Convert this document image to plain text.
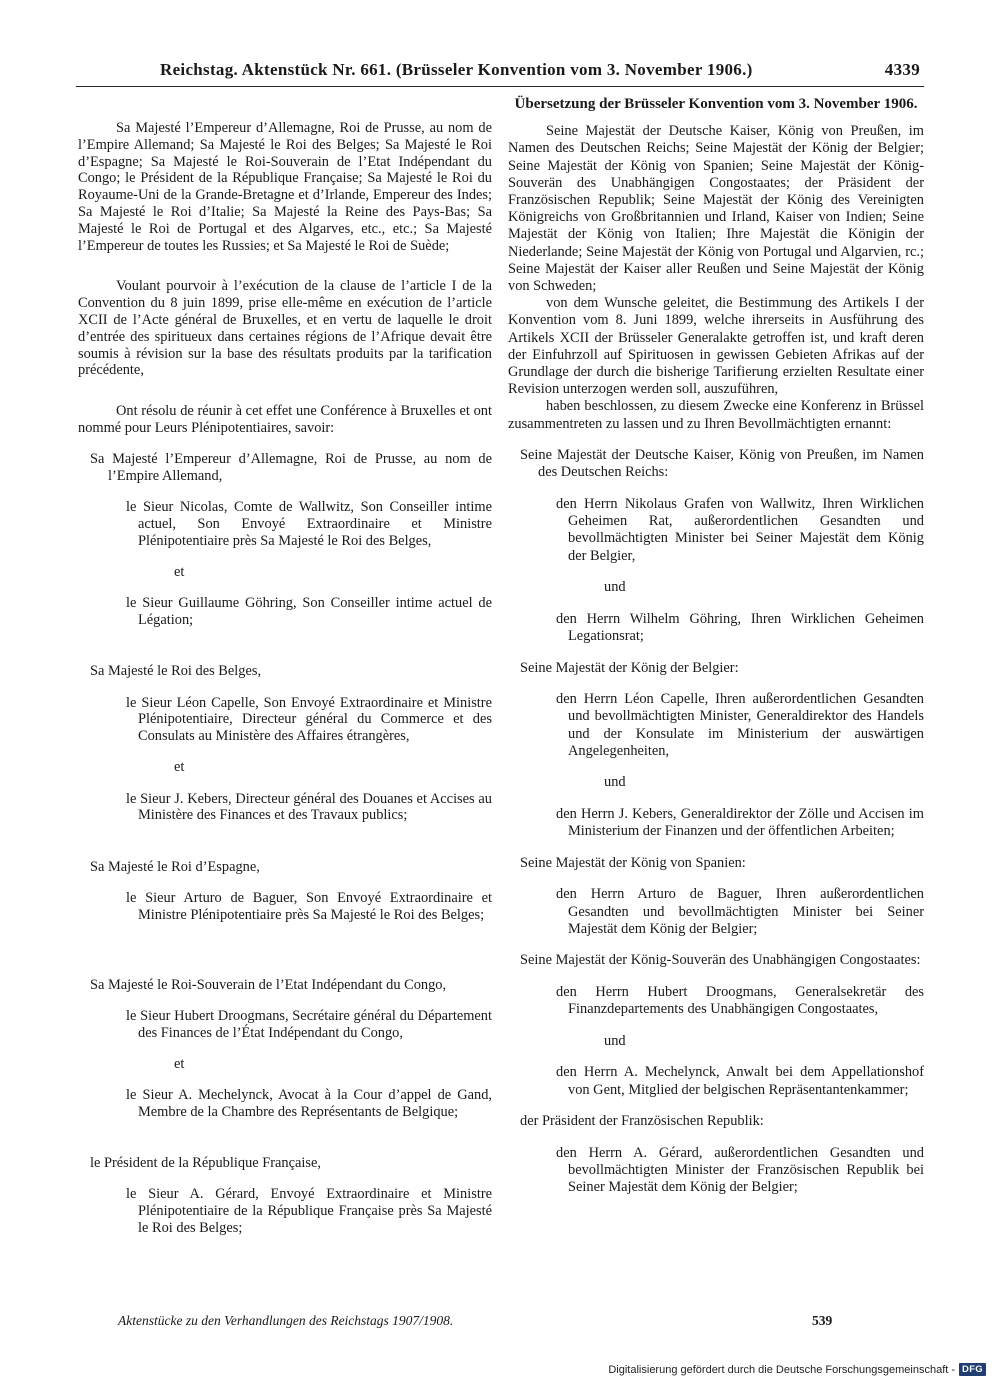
Reichstag. Aktenstück Nr. 661. (Brüsseler Konvention vom 3. November 1906.)	4339

Sa Majesté l’Empereur d’Allemagne, Roi de Prusse, au nom de l’Empire Allemand; Sa Majesté le Roi des Belges; Sa Majesté le Roi d’Espagne; Sa Majesté le Roi-Souverain de l’Etat Indépendant du Congo; le Président de la République Française; Sa Majesté le Roi du Royaume-Uni de la Grande-Bretagne et d’Irlande, Empereur des Indes; Sa Majesté le Roi d’Italie; Sa Majesté la Reine des Pays-Bas; Sa Majesté le Roi de Portugal et des Algarves, etc., etc.; Sa Majesté l’Empereur de toutes les Russies; et Sa Majesté le Roi de Suède;

Voulant pourvoir à l’exécution de la clause de l’article I de la Convention du 8 juin 1899, prise elle-même en exécution de l’article XCII de l’Acte général de Bruxelles, et en vertu de laquelle le droit d’entrée des spiritueux dans certaines régions de l’Afrique devait être soumis à révision sur la base des résultats produits par la tarification précédente,

Ont résolu de réunir à cet effet une Conférence à Bruxelles et ont nommé pour Leurs Plénipotentiaires, savoir:

Sa Majesté l’Empereur d’Allemagne, Roi de Prusse, au nom de l’Empire Allemand,

le Sieur Nicolas, Comte de Wallwitz, Son Conseiller intime actuel, Son Envoyé Extraordinaire et Ministre Plénipotentiaire près Sa Majesté le Roi des Belges,

et

le Sieur Guillaume Göhring, Son Conseiller intime actuel de Légation;

Sa Majesté le Roi des Belges,

le Sieur Léon Capelle, Son Envoyé Extraordinaire et Ministre Plénipotentiaire, Directeur général du Commerce et des Consulats au Ministère des Affaires étrangères,

et

le Sieur J. Kebers, Directeur général des Douanes et Accises au Ministère des Finances et des Travaux publics;

Sa Majesté le Roi d’Espagne,

le Sieur Arturo de Baguer, Son Envoyé Extraordinaire et Ministre Plénipotentiaire près Sa Majesté le Roi des Belges;

Sa Majesté le Roi-Souverain de l’Etat Indépendant du Congo,

le Sieur Hubert Droogmans, Secrétaire général du Département des Finances de l’État Indépendant du Congo,

et

le Sieur A. Mechelynck, Avocat à la Cour d’appel de Gand, Membre de la Chambre des Représentants de Belgique;

le Président de la République Française,

le Sieur A. Gérard, Envoyé Extraordinaire et Ministre Plénipotentiaire de la République Française près Sa Majesté le Roi des Belges;

Übersetzung der Brüsseler Konvention vom 3. November 1906.

Seine Majestät der Deutsche Kaiser, König von Preußen, im Namen des Deutschen Reichs; Seine Majestät der König der Belgier; Seine Majestät der König von Spanien; Seine Majestät der König-Souverän des Unabhängigen Congostaates; der Präsident der Französischen Republik; Seine Majestät der König des Vereinigten Königreichs von Großbritannien und Irland, Kaiser von Indien; Seine Majestät der König von Italien; Ihre Majestät die Königin der Niederlande; Seine Majestät der König von Portugal und Algarvien, rc.; Seine Majestät der Kaiser aller Reußen und Seine Majestät der König von Schweden;

von dem Wunsche geleitet, die Bestimmung des Artikels I der Konvention vom 8. Juni 1899, welche ihrerseits in Ausführung des Artikels XCII der Brüsseler Generalakte getroffen ist, und kraft deren der Einfuhrzoll auf Spirituosen in gewissen Gebieten Afrikas auf der Grundlage der durch die bisherige Tarifierung erzielten Resultate einer Revision unterzogen werden soll, auszuführen,

haben beschlossen, zu diesem Zwecke eine Konferenz in Brüssel zusammentreten zu lassen und zu Ihren Bevollmächtigten ernannt:

Seine Majestät der Deutsche Kaiser, König von Preußen, im Namen des Deutschen Reichs:

den Herrn Nikolaus Grafen von Wallwitz, Ihren Wirklichen Geheimen Rat, außerordentlichen Gesandten und bevollmächtigten Minister bei Seiner Majestät dem König der Belgier,

und

den Herrn Wilhelm Göhring, Ihren Wirklichen Geheimen Legationsrat;

Seine Majestät der König der Belgier:

den Herrn Léon Capelle, Ihren außerordentlichen Gesandten und bevollmächtigten Minister, Generaldirektor des Handels und der Konsulate im Ministerium der auswärtigen Angelegenheiten,

und

den Herrn J. Kebers, Generaldirektor der Zölle und Accisen im Ministerium der Finanzen und der öffentlichen Arbeiten;

Seine Majestät der König von Spanien:

den Herrn Arturo de Baguer, Ihren außerordentlichen Gesandten und bevollmächtigten Minister bei Seiner Majestät dem König der Belgier;

Seine Majestät der König-Souverän des Unabhängigen Congostaates:

den Herrn Hubert Droogmans, Generalsekretär des Finanzdepartements des Unabhängigen Congostaates,

und

den Herrn A. Mechelynck, Anwalt bei dem Appellationshof von Gent, Mitglied der belgischen Repräsentantenkammer;

der Präsident der Französischen Republik:

den Herrn A. Gérard, außerordentlichen Gesandten und bevollmächtigten Minister der Französischen Republik bei Seiner Majestät dem König der Belgier;

Aktenstücke zu den Verhandlungen des Reichstags 1907/1908.	539
Digitalisierung gefördert durch die Deutsche Forschungsgemeinschaft - DFG
